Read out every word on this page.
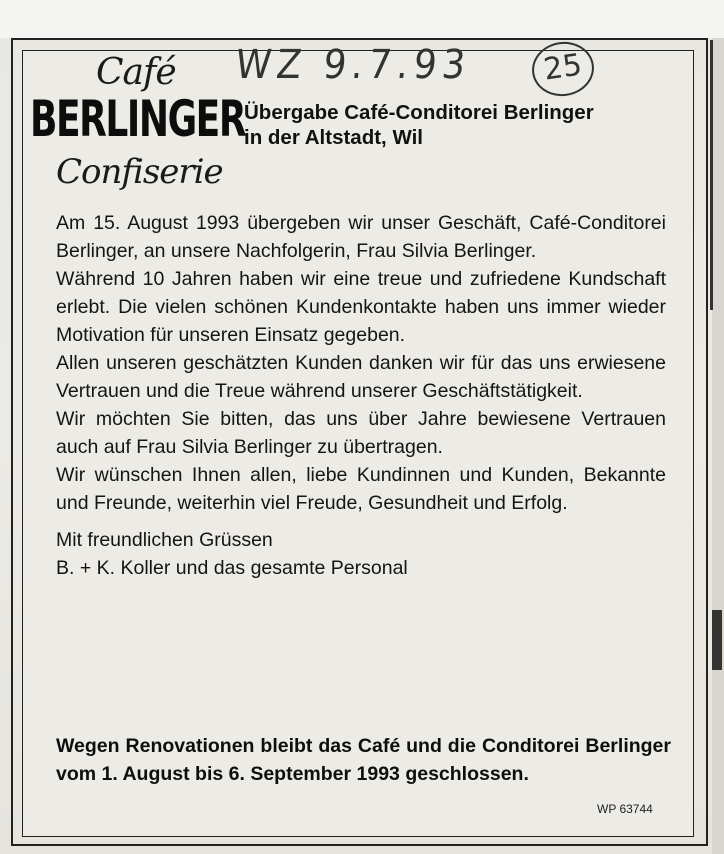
Café
BERLINGER
Confiserie
WZ 9.7.93	25
Übergabe Café-Conditorei Berlinger
in der Altstadt, Wil

Am 15. August 1993 übergeben wir unser Geschäft, Café-Conditorei Berlinger, an unsere Nachfolgerin, Frau Silvia Berlinger.

Während 10 Jahren haben wir eine treue und zufriedene Kundschaft erlebt. Die vielen schönen Kundenkontakte haben uns immer wieder Motivation für unseren Einsatz gegeben.

Allen unseren geschätzten Kunden danken wir für das uns erwiesene Vertrauen und die Treue während unserer Geschäftstätigkeit.

Wir möchten Sie bitten, das uns über Jahre bewiesene Vertrauen auch auf Frau Silvia Berlinger zu übertragen.

Wir wünschen Ihnen allen, liebe Kundinnen und Kunden, Bekannte und Freunde, weiterhin viel Freude, Gesundheit und Erfolg.

Mit freundlichen Grüssen

B. + K. Koller und das gesamte Personal

Wegen Renovationen bleibt das Café und die Conditorei Berlinger vom 1. August bis 6. September 1993 geschlossen.
WP 63744
